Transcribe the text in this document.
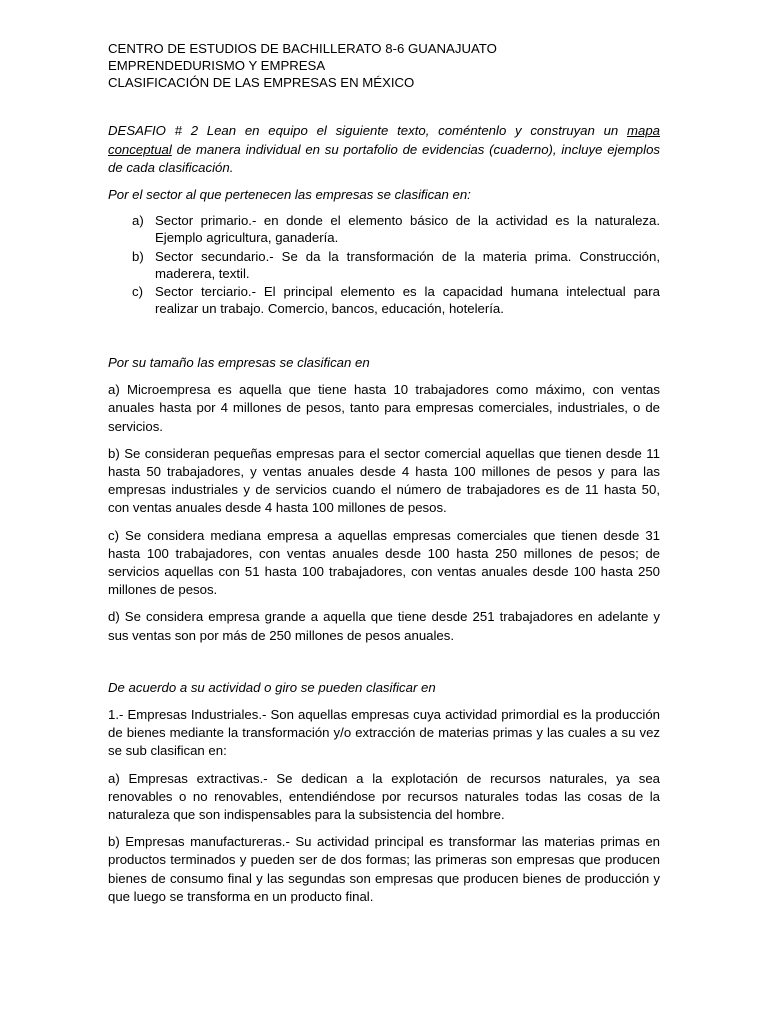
CENTRO DE ESTUDIOS DE BACHILLERATO 8-6 GUANAJUATO

EMPRENDEDURISMO Y EMPRESA

CLASIFICACIÓN DE LAS EMPRESAS EN MÉXICO

DESAFIO # 2 Lean en equipo el siguiente texto, coméntenlo y construyan un mapa conceptual de manera individual en su portafolio de evidencias (cuaderno), incluye ejemplos de cada clasificación.

Por el sector al que pertenecen las empresas se clasifican en:

a) Sector primario.- en donde el elemento básico de la actividad es la naturaleza. Ejemplo agricultura, ganadería.
b) Sector secundario.- Se da la transformación de la materia prima. Construcción, maderera, textil.
c) Sector terciario.- El principal elemento es la capacidad humana intelectual para realizar un trabajo. Comercio, bancos, educación, hotelería.

Por su tamaño las empresas se clasifican en

a) Microempresa es aquella que tiene hasta 10 trabajadores como máximo, con ventas anuales hasta por 4 millones de pesos, tanto para empresas comerciales, industriales, o de servicios.

b) Se consideran pequeñas empresas para el sector comercial aquellas que tienen desde 11 hasta 50 trabajadores, y ventas anuales desde 4 hasta 100 millones de pesos y para las empresas industriales y de servicios cuando el número de trabajadores es de 11 hasta 50, con ventas anuales desde 4 hasta 100 millones de pesos.

c) Se considera mediana empresa a aquellas empresas comerciales que tienen desde 31 hasta 100 trabajadores, con ventas anuales desde 100 hasta 250 millones de pesos; de servicios aquellas con 51 hasta 100 trabajadores, con ventas anuales desde 100 hasta 250 millones de pesos.

d) Se considera empresa grande a aquella que tiene desde 251 trabajadores en adelante y sus ventas son por más de 250 millones de pesos anuales.

De acuerdo a su actividad o giro se pueden clasificar en

1.- Empresas Industriales.- Son aquellas empresas cuya actividad primordial es la producción de bienes mediante la transformación y/o extracción de materias primas y las cuales a su vez se sub clasifican en:

a) Empresas extractivas.- Se dedican a la explotación de recursos naturales, ya sea renovables o no renovables, entendiéndose por recursos naturales todas las cosas de la naturaleza que son indispensables para la subsistencia del hombre.

b) Empresas manufactureras.- Su actividad principal es transformar las materias primas en productos terminados y pueden ser de dos formas; las primeras son empresas que producen bienes de consumo final y las segundas son empresas que producen bienes de producción y que luego se transforma en un producto final.
